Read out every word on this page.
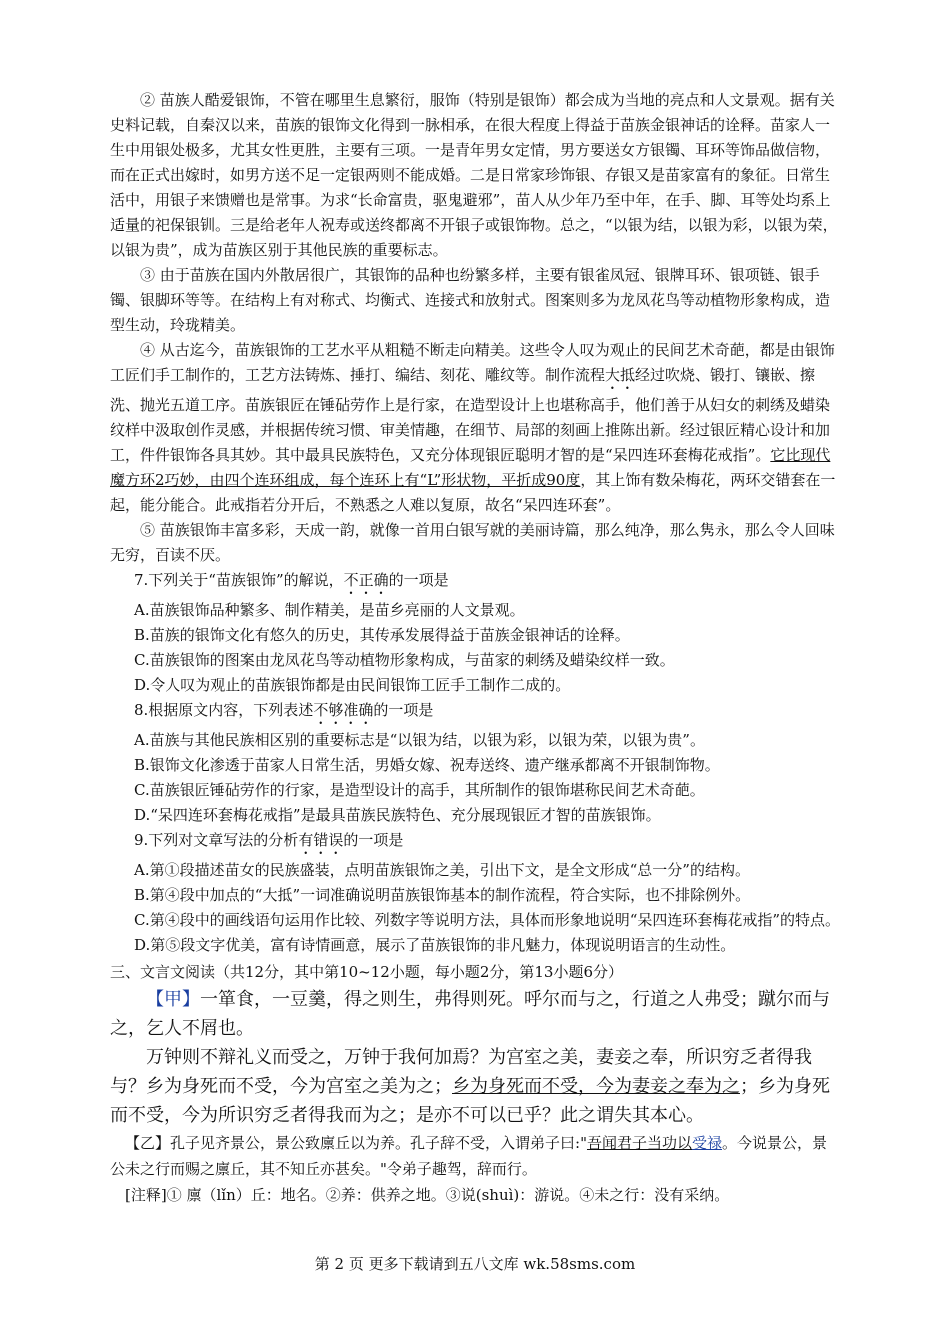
② 苗族人酷爱银饰，不管在哪里生息繁衍，服饰（特别是银饰）都会成为当地的亮点和人文景观。据有关史料记载，自秦汉以来，苗族的银饰文化得到一脉相承，在很大程度上得益于苗族金银神话的诠释。苗家人一生中用银处极多，尤其女性更胜，主要有三项。一是青年男女定情，男方要送女方银镯、耳环等饰品做信物，而在正式出嫁时，如男方送不足一定银两则不能成婚。二是日常家珍饰银、存银又是苗家富有的象征。日常生活中，用银子来馈赠也是常事。为求“长命富贵，驱鬼避邪”，苗人从少年乃至中年，在手、脚、耳等处均系上适量的祀保银钏。三是给老年人祝寿或送终都离不开银子或银饰物。总之，“以银为结，以银为彩，以银为荣，以银为贵”，成为苗族区别于其他民族的重要标志。

③ 由于苗族在国内外散居很广，其银饰的品种也纷繁多样，主要有银雀凤冠、银牌耳环、银项链、银手镯、银脚环等等。在结构上有对称式、均衡式、连接式和放射式。图案则多为龙凤花鸟等动植物形象构成，造型生动，玲珑精美。

④ 从古迄今，苗族银饰的工艺水平从粗糙不断走向精美。这些令人叹为观止的民间艺术奇葩，都是由银饰工匠们手工制作的，工艺方法铸炼、捶打、编结、刻花、雕纹等。制作流程大抵经过吹烧、锻打、镶嵌、擦洗、抛光五道工序。苗族银匠在锤砧劳作上是行家，在造型设计上也堪称高手，他们善于从妇女的刺绣及蜡染纹样中汲取创作灵感，并根据传统习惯、审美情趣，在细节、局部的刻画上推陈出新。经过银匠精心设计和加工，件件银饰各具其妙。其中最具民族特色，又充分体现银匠聪明才智的是“呆四连环套梅花戒指”。它比现代魔方环2巧妙，由四个连环组成，每个连环上有“L”形状物，平折成90度，其上饰有数朵梅花，两环交错套在一起，能分能合。此戒指若分开后，不熟悉之人难以复原，故名“呆四连环套”。

⑤ 苗族银饰丰富多彩，天成一韵，就像一首用白银写就的美丽诗篇，那么纯净，那么隽永，那么令人回味无穷，百读不厌。

7.下列关于“苗族银饰”的解说，不正确的一项是

A.苗族银饰品种繁多、制作精美，是苗乡亮丽的人文景观。

B.苗族的银饰文化有悠久的历史，其传承发展得益于苗族金银神话的诠释。

C.苗族银饰的图案由龙凤花鸟等动植物形象构成，与苗家的刺绣及蜡染纹样一致。

D.令人叹为观止的苗族银饰都是由民间银饰工匠手工制作二成的。

8.根据原文内容，下列表述不够准确的一项是

A.苗族与其他民族相区别的重要标志是“以银为结，以银为彩，以银为荣，以银为贵”。

B.银饰文化渗透于苗家人日常生活，男婚女嫁、祝寿送终、遗产继承都离不开银制饰物。

C.苗族银匠锤砧劳作的行家，是造型设计的高手，其所制作的银饰堪称民间艺术奇葩。

D.“呆四连环套梅花戒指”是最具苗族民族特色、充分展现银匠才智的苗族银饰。

9.下列对文章写法的分析有错误的一项是

A.第①段描述苗女的民族盛装，点明苗族银饰之美，引出下文，是全文形成“总一分”的结构。

B.第④段中加点的“大抵”一词准确说明苗族银饰基本的制作流程，符合实际，也不排除例外。

C.第④段中的画线语句运用作比较、列数字等说明方法，具体而形象地说明“呆四连环套梅花戒指”的特点。

D.第⑤段文字优美，富有诗情画意，展示了苗族银饰的非凡魅力，体现说明语言的生动性。

三、文言文阅读（共12分，其中第10~12小题，每小题2分，第13小题6分）

【甲】一箪食，一豆羹，得之则生，弗得则死。呼尔而与之，行道之人弗受；蹴尔而与之，乞人不屑也。

万钟则不辩礼义而受之，万钟于我何加焉？为宫室之美，妻妾之奉，所识穷乏者得我与？乡为身死而不受，今为宫室之美为之；乡为身死而不受，今为妻妾之奉为之；乡为身死而不受，今为所识穷乏者得我而为之；是亦不可以已乎？此之谓失其本心。

【乙】孔子见齐景公，景公致廪丘以为养。孔子辞不受，入谓弟子曰:"吾闻君子当功以受禄。今说景公，景公未之行而赐之廪丘，其不知丘亦甚矣。"令弟子趣驾，辞而行。

[注释]① 廪（lǐn）丘：地名。②养：供养之地。③说(shuì)：游说。④未之行：没有采纳。

第 2 页 更多下载请到五八文库 wk.58sms.com
